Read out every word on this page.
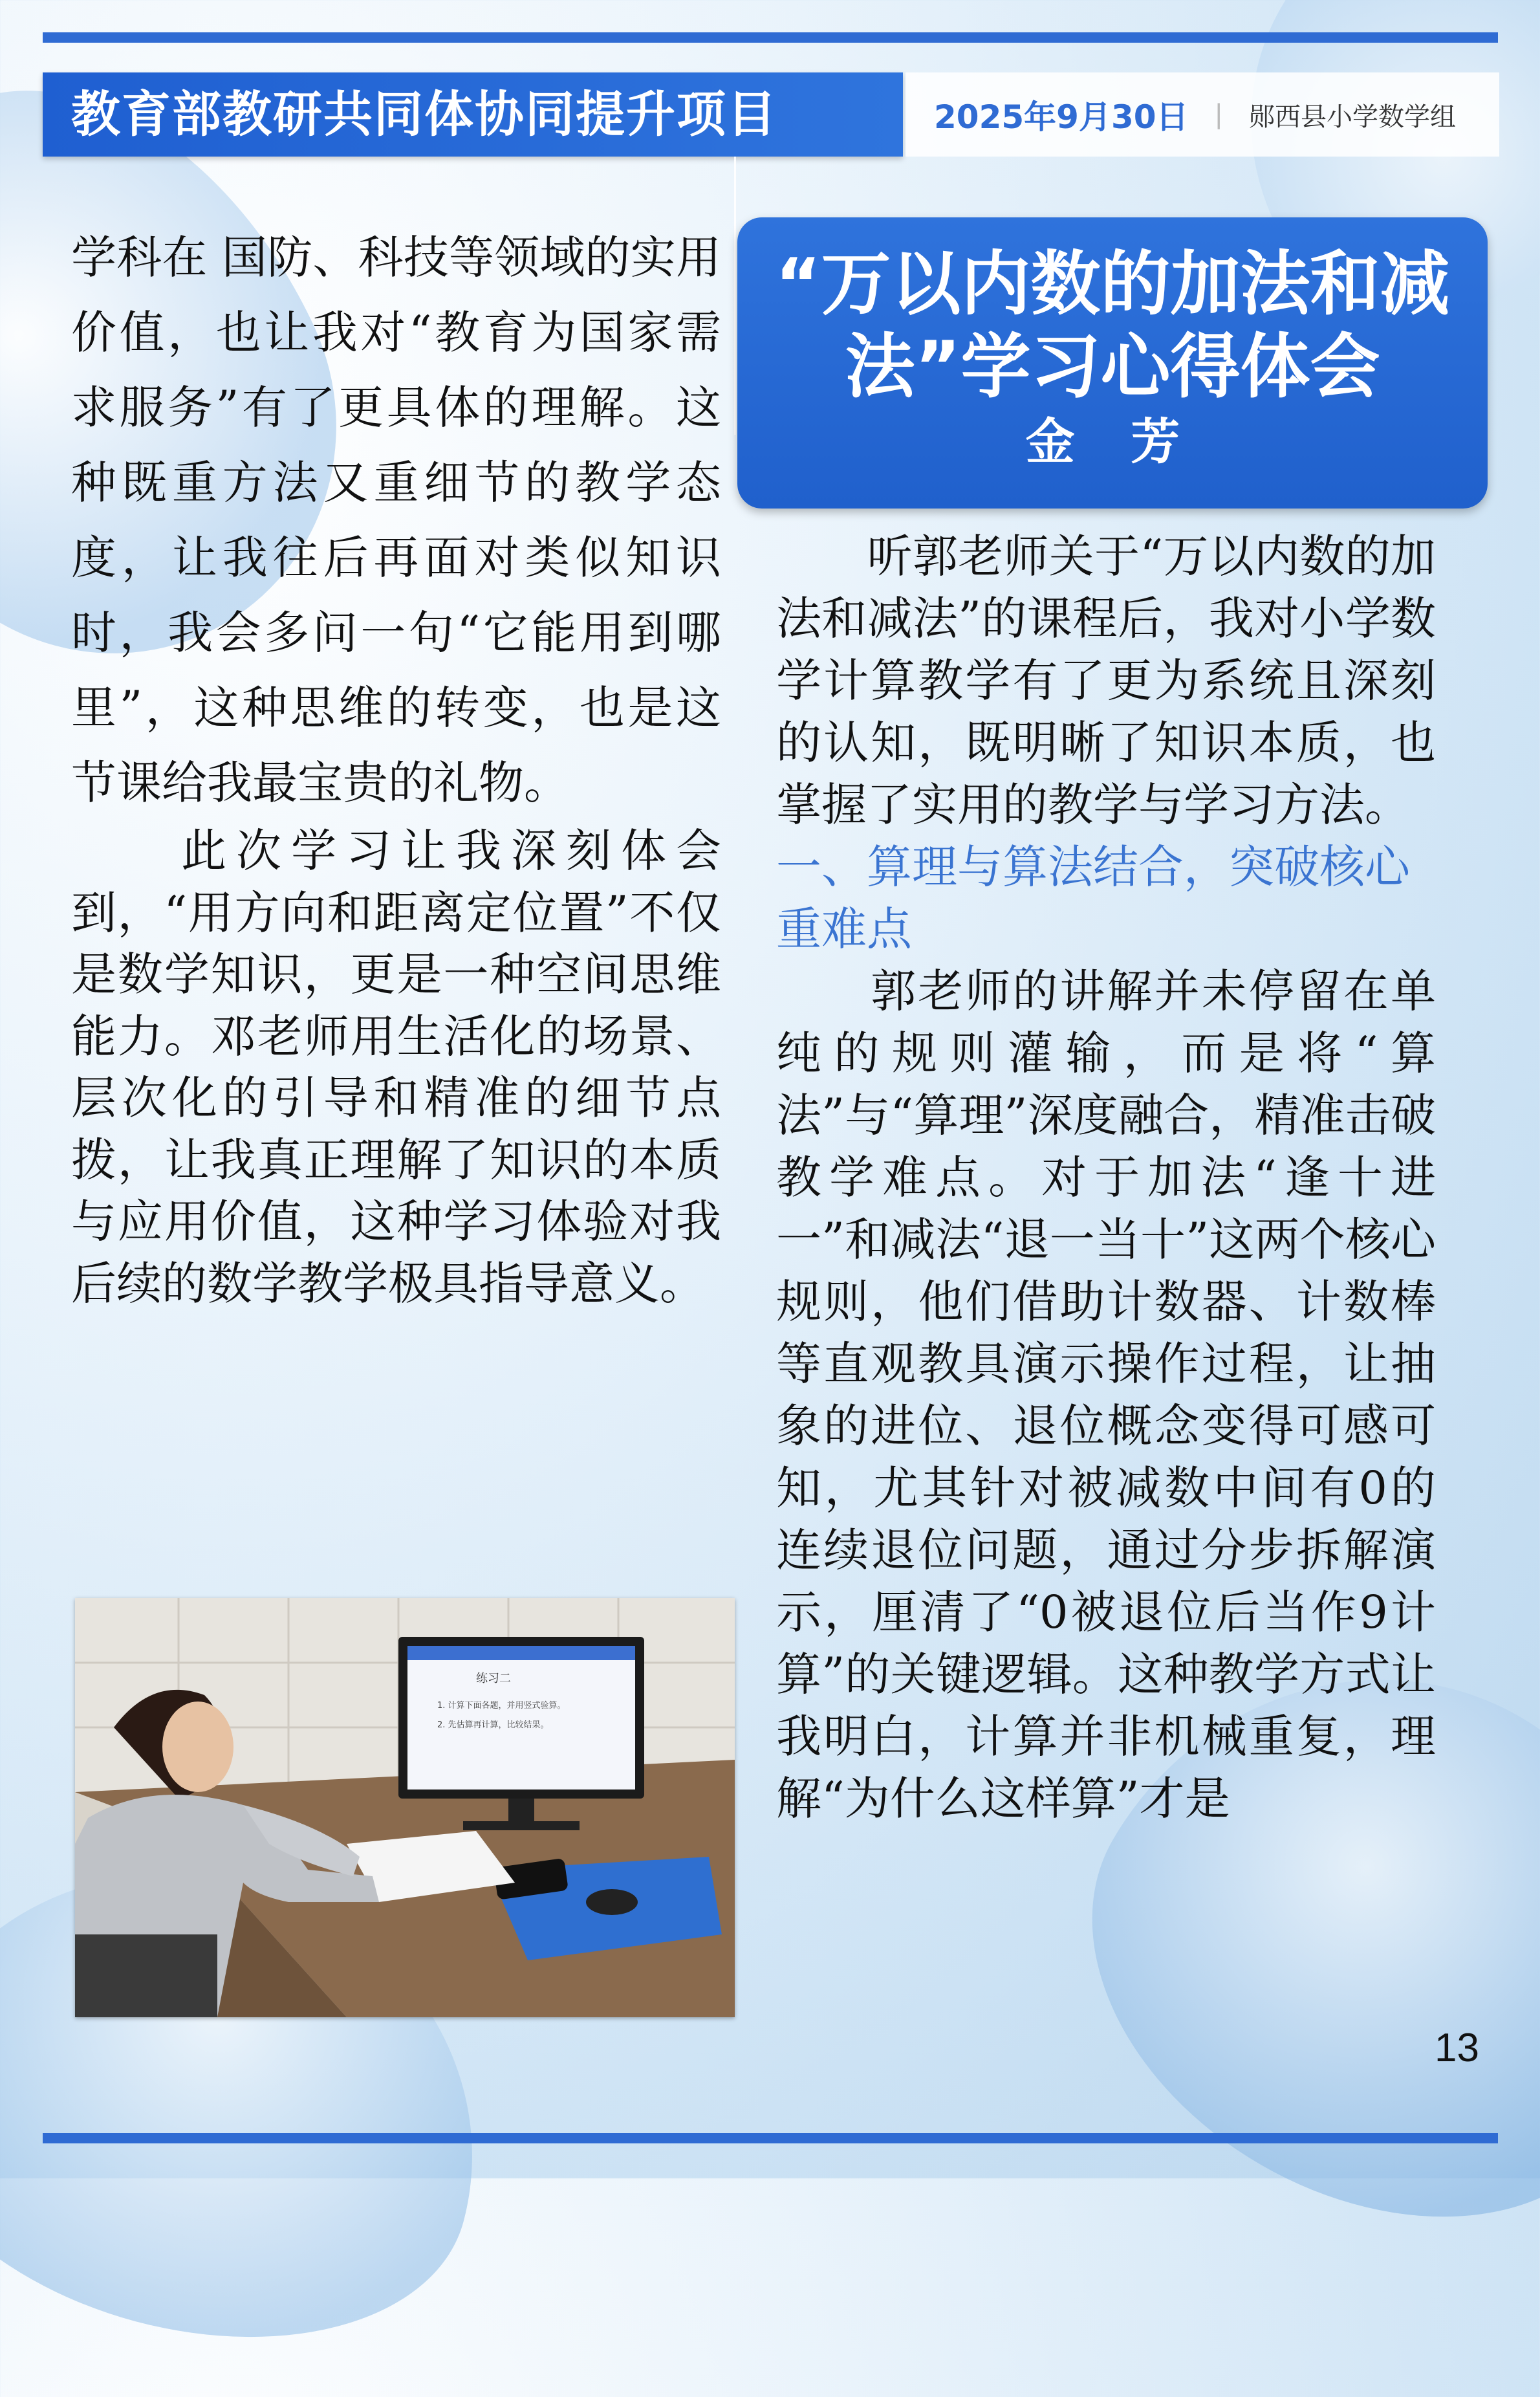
教育部教研共同体协同提升项目	2025年9月30日 | 郧西县小学数学组

学科在 国防、科技等领域的实用价值，也让我对“教育为国家需求服务”有了更具体的理解。这种既重方法又重细节的教学态度，让我往后再面对类似知识时，我会多问一句“它能用到哪里”，这种思维的转变，也是这节课给我最宝贵的礼物。

　　此次学习让我深刻体会到，“用方向和距离定位置”不仅是数学知识，更是一种空间思维能力。邓老师用生活化的场景、层次化的引导和精准的细节点拨，让我真正理解了知识的本质与应用价值，这种学习体验对我后续的数学教学极具指导意义。

“万以内数的加法和减法”学习心得体会

金 芳

　　听郭老师关于“万以内数的加法和减法”的课程后，我对小学数学计算教学有了更为系统且深刻的认知，既明晰了知识本质，也掌握了实用的教学与学习方法。

一、算理与算法结合，突破核心重难点

　　郭老师的讲解并未停留在单纯的规则灌输，而是将“算法”与“算理”深度融合，精准击破教学难点。对于加法“逢十进一”和减法“退一当十”这两个核心规则，他们借助计数器、计数棒等直观教具演示操作过程，让抽象的进位、退位概念变得可感可知，尤其针对被减数中间有0的连续退位问题，通过分步拆解演示，厘清了“0被退位后当作9计算”的关键逻辑。这种教学方式让我明白，计算并非机械重复，理解“为什么这样算”才是

练习二
1. 计算下面各题，并用竖式验算。
2. 先估算再计算，比较结果。
13
